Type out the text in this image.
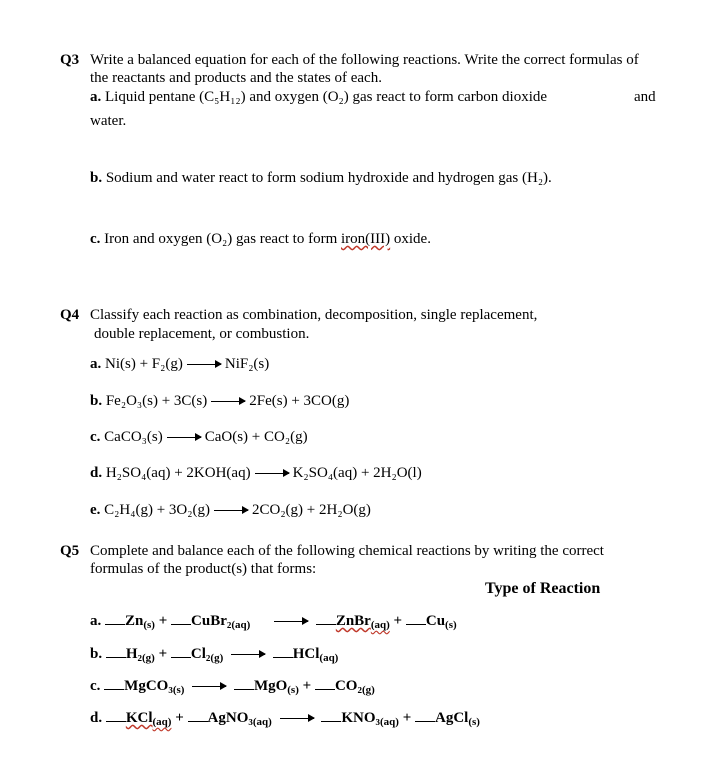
Q3 Write a balanced equation for each of the following reactions. Write the correct formulas of
the reactants and products and the states of each.
a. Liquid pentane (C₅H₁₂) and oxygen (O₂) gas react to form carbon dioxide	and
water.
b. Sodium and water react to form sodium hydroxide and hydrogen gas (H₂).
c. Iron and oxygen (O₂) gas react to form iron(III) oxide.
Q4 Classify each reaction as combination, decomposition, single replacement,
double replacement, or combustion.
a. Ni(s) + F₂(g)	NiF₂(s)
b. Fe₂O₃(s) + 3C(s)	2Fe(s) + 3CO(g)
c. CaCO₃(s)	CaO(s) + CO₂(g)
d. H₂SO₄(aq) + 2KOH(aq)	K₂SO₄(aq) + 2H₂O(l)
e. C₂H₄(g) + 3O₂(g)	2CO₂(g) + 2H₂O(g)
Q5 Complete and balance each of the following chemical reactions by writing the correct
formulas of the product(s) that forms:
Type of Reaction
a. $Zn_{(s)}$ + $CuBr_2_{(aq)}$	ZnBr$_{(aq)}$ + $Cu_{(s)}$
b. $H_2_{(g)} + Cl_2_{(g)}$	HCl$_{(aq)}$
c. $MgCO_3_{(s)}$	$MgO_{(s)} + CO_2_{(g)}$
d. $KCl_{(aq)} + AgNO_3_{(aq)}$	$KNO_3_{(aq)}$ + AgCl$_{(s)}$
